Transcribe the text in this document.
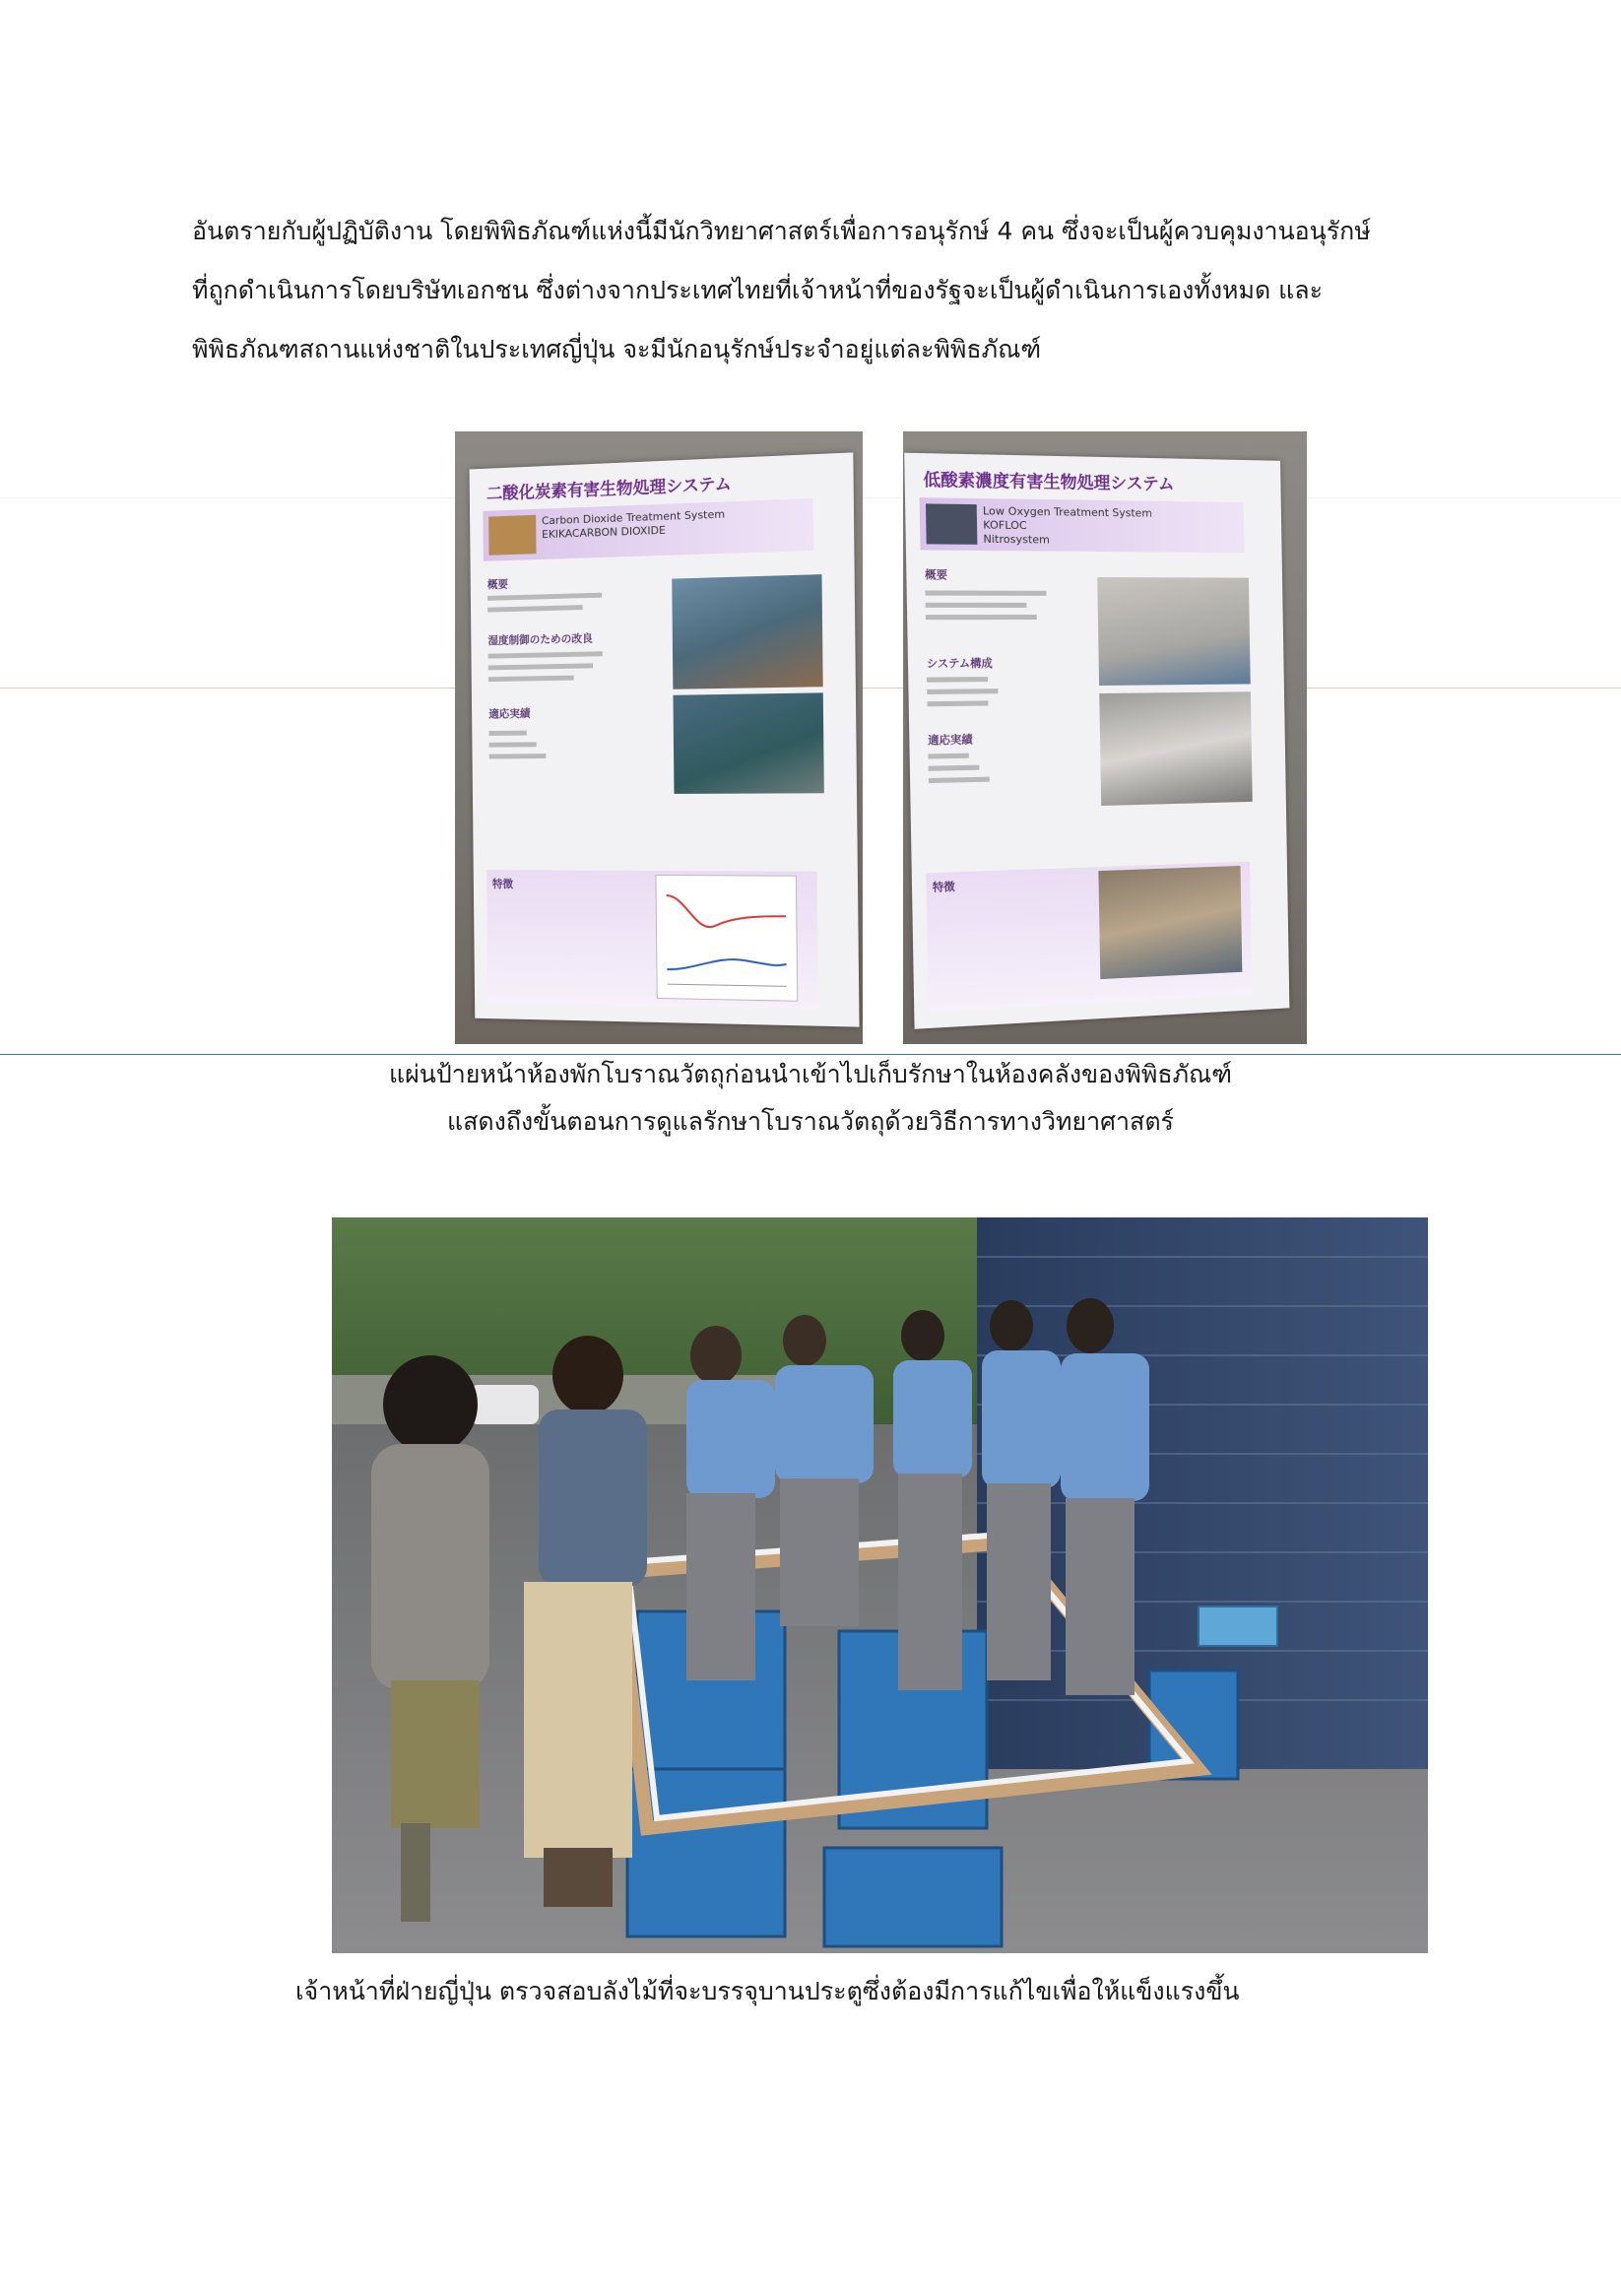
อันตรายกับผู้ปฏิบัติงาน โดยพิพิธภัณฑ์แห่งนี้มีนักวิทยาศาสตร์เพื่อการอนุรักษ์ 4 คน ซึ่งจะเป็นผู้ควบคุมงานอนุรักษ์

ที่ถูกดำเนินการโดยบริษัทเอกชน ซึ่งต่างจากประเทศไทยที่เจ้าหน้าที่ของรัฐจะเป็นผู้ดำเนินการเองทั้งหมด และ

พิพิธภัณฑสถานแห่งชาติในประเทศญี่ปุ่น จะมีนักอนุรักษ์ประจำอยู่แต่ละพิพิธภัณฑ์

二酸化炭素有害生物処理システム
Carbon Dioxide Treatment System
EKIKACARBON DIOXIDE
概要
湿度制御のための改良
適応実績
特徴
低酸素濃度有害生物処理システム
Low Oxygen Treatment System
KOFLOC
Nitrosystem
概要
システム構成
適応実績
特徴
แผ่นป้ายหน้าห้องพักโบราณวัตถุก่อนนำเข้าไปเก็บรักษาในห้องคลังของพิพิธภัณฑ์
แสดงถึงขั้นตอนการดูแลรักษาโบราณวัตถุด้วยวิธีการทางวิทยาศาสตร์
เจ้าหน้าที่ฝ่ายญี่ปุ่น ตรวจสอบลังไม้ที่จะบรรจุบานประตูซึ่งต้องมีการแก้ไขเพื่อให้แข็งแรงขึ้น
